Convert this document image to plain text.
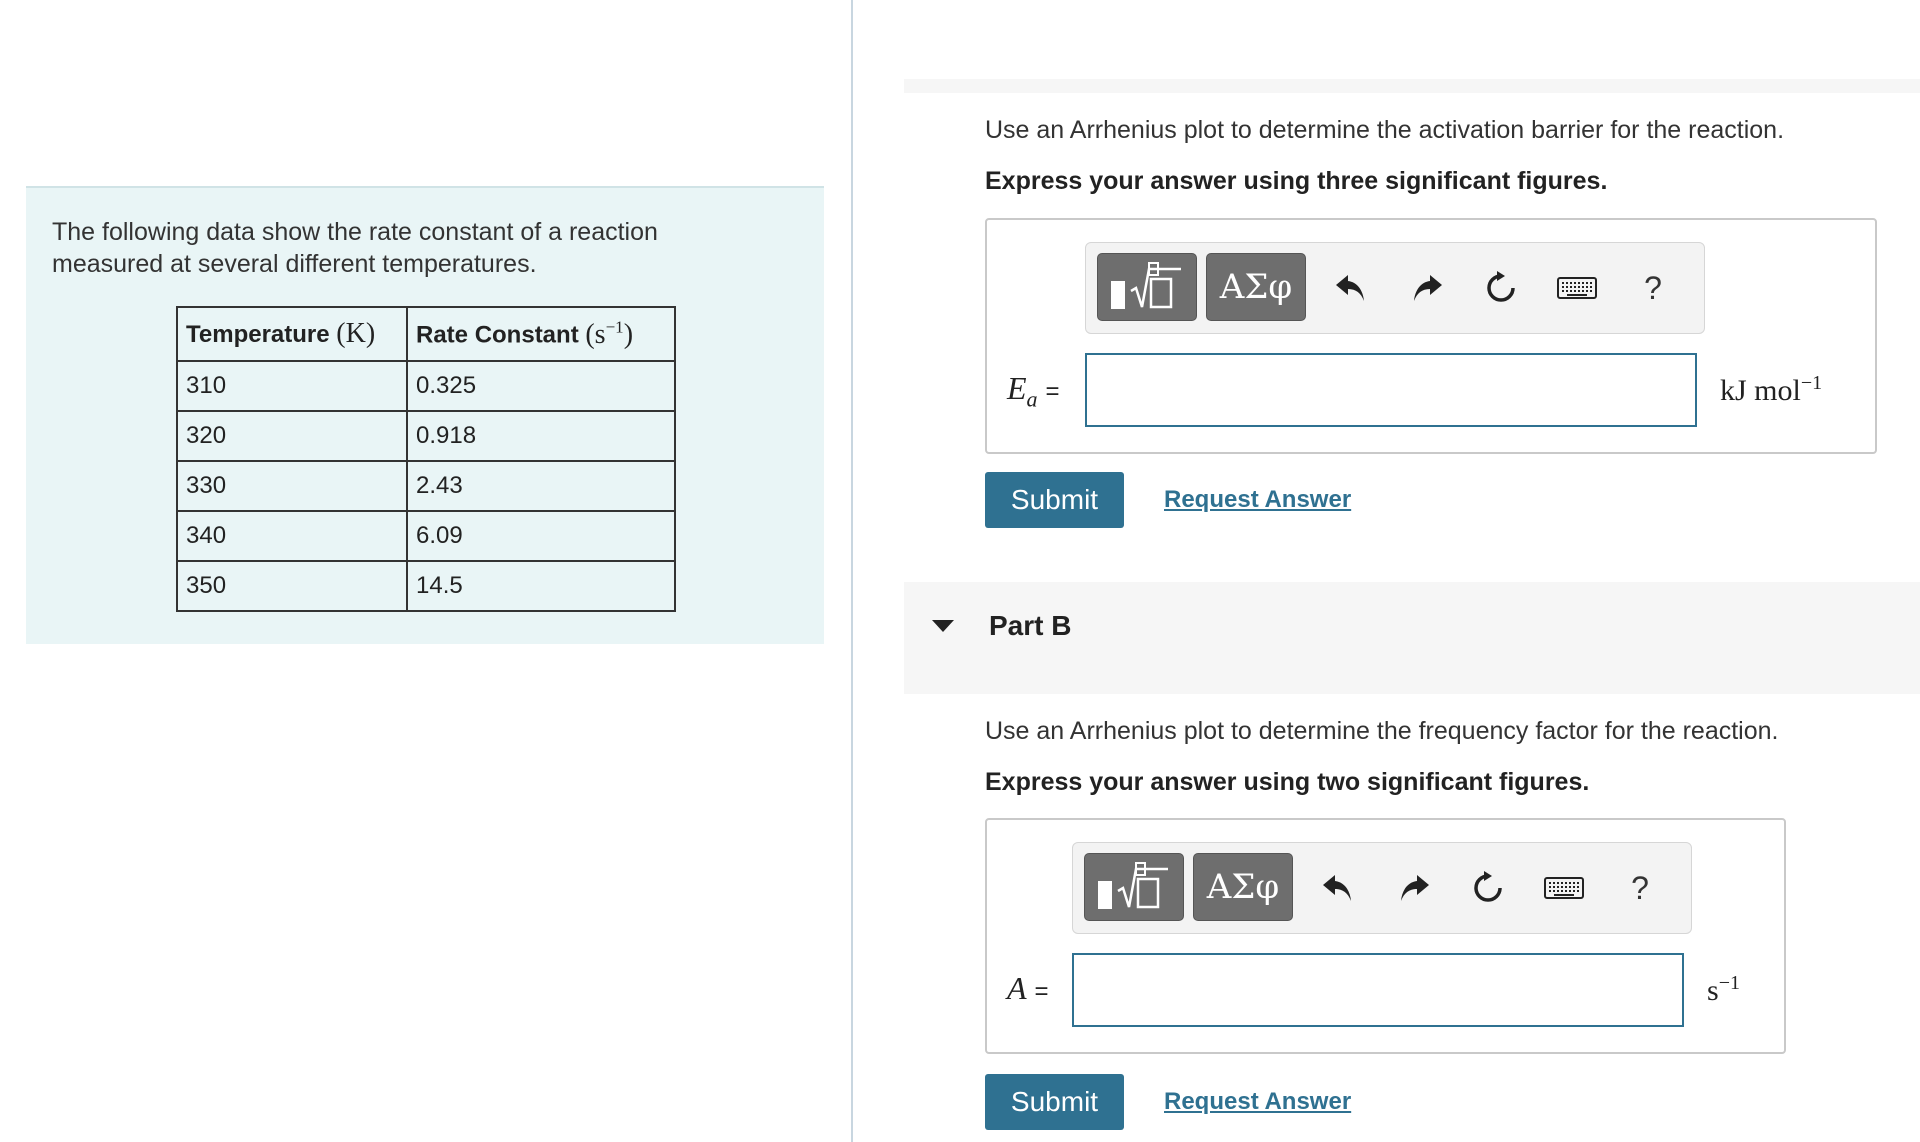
The following data show the rate constant of a reaction measured at several different temperatures.
Temperature (K)	Rate Constant $(s^{-1})$
310	0.325
320	0.918
330	2.43
340	6.09
350	14.5
Use an Arrhenius plot to determine the activation barrier for the reaction.
Express your answer using three significant figures.
ΑΣφ	?
$E_a$ =	kJ mol$^{-1}$
Submit	Request Answer
Part B
Use an Arrhenius plot to determine the frequency factor for the reaction.
Express your answer using two significant figures.
ΑΣφ	?
A =	$s^{-1}$
Submit	Request Answer
